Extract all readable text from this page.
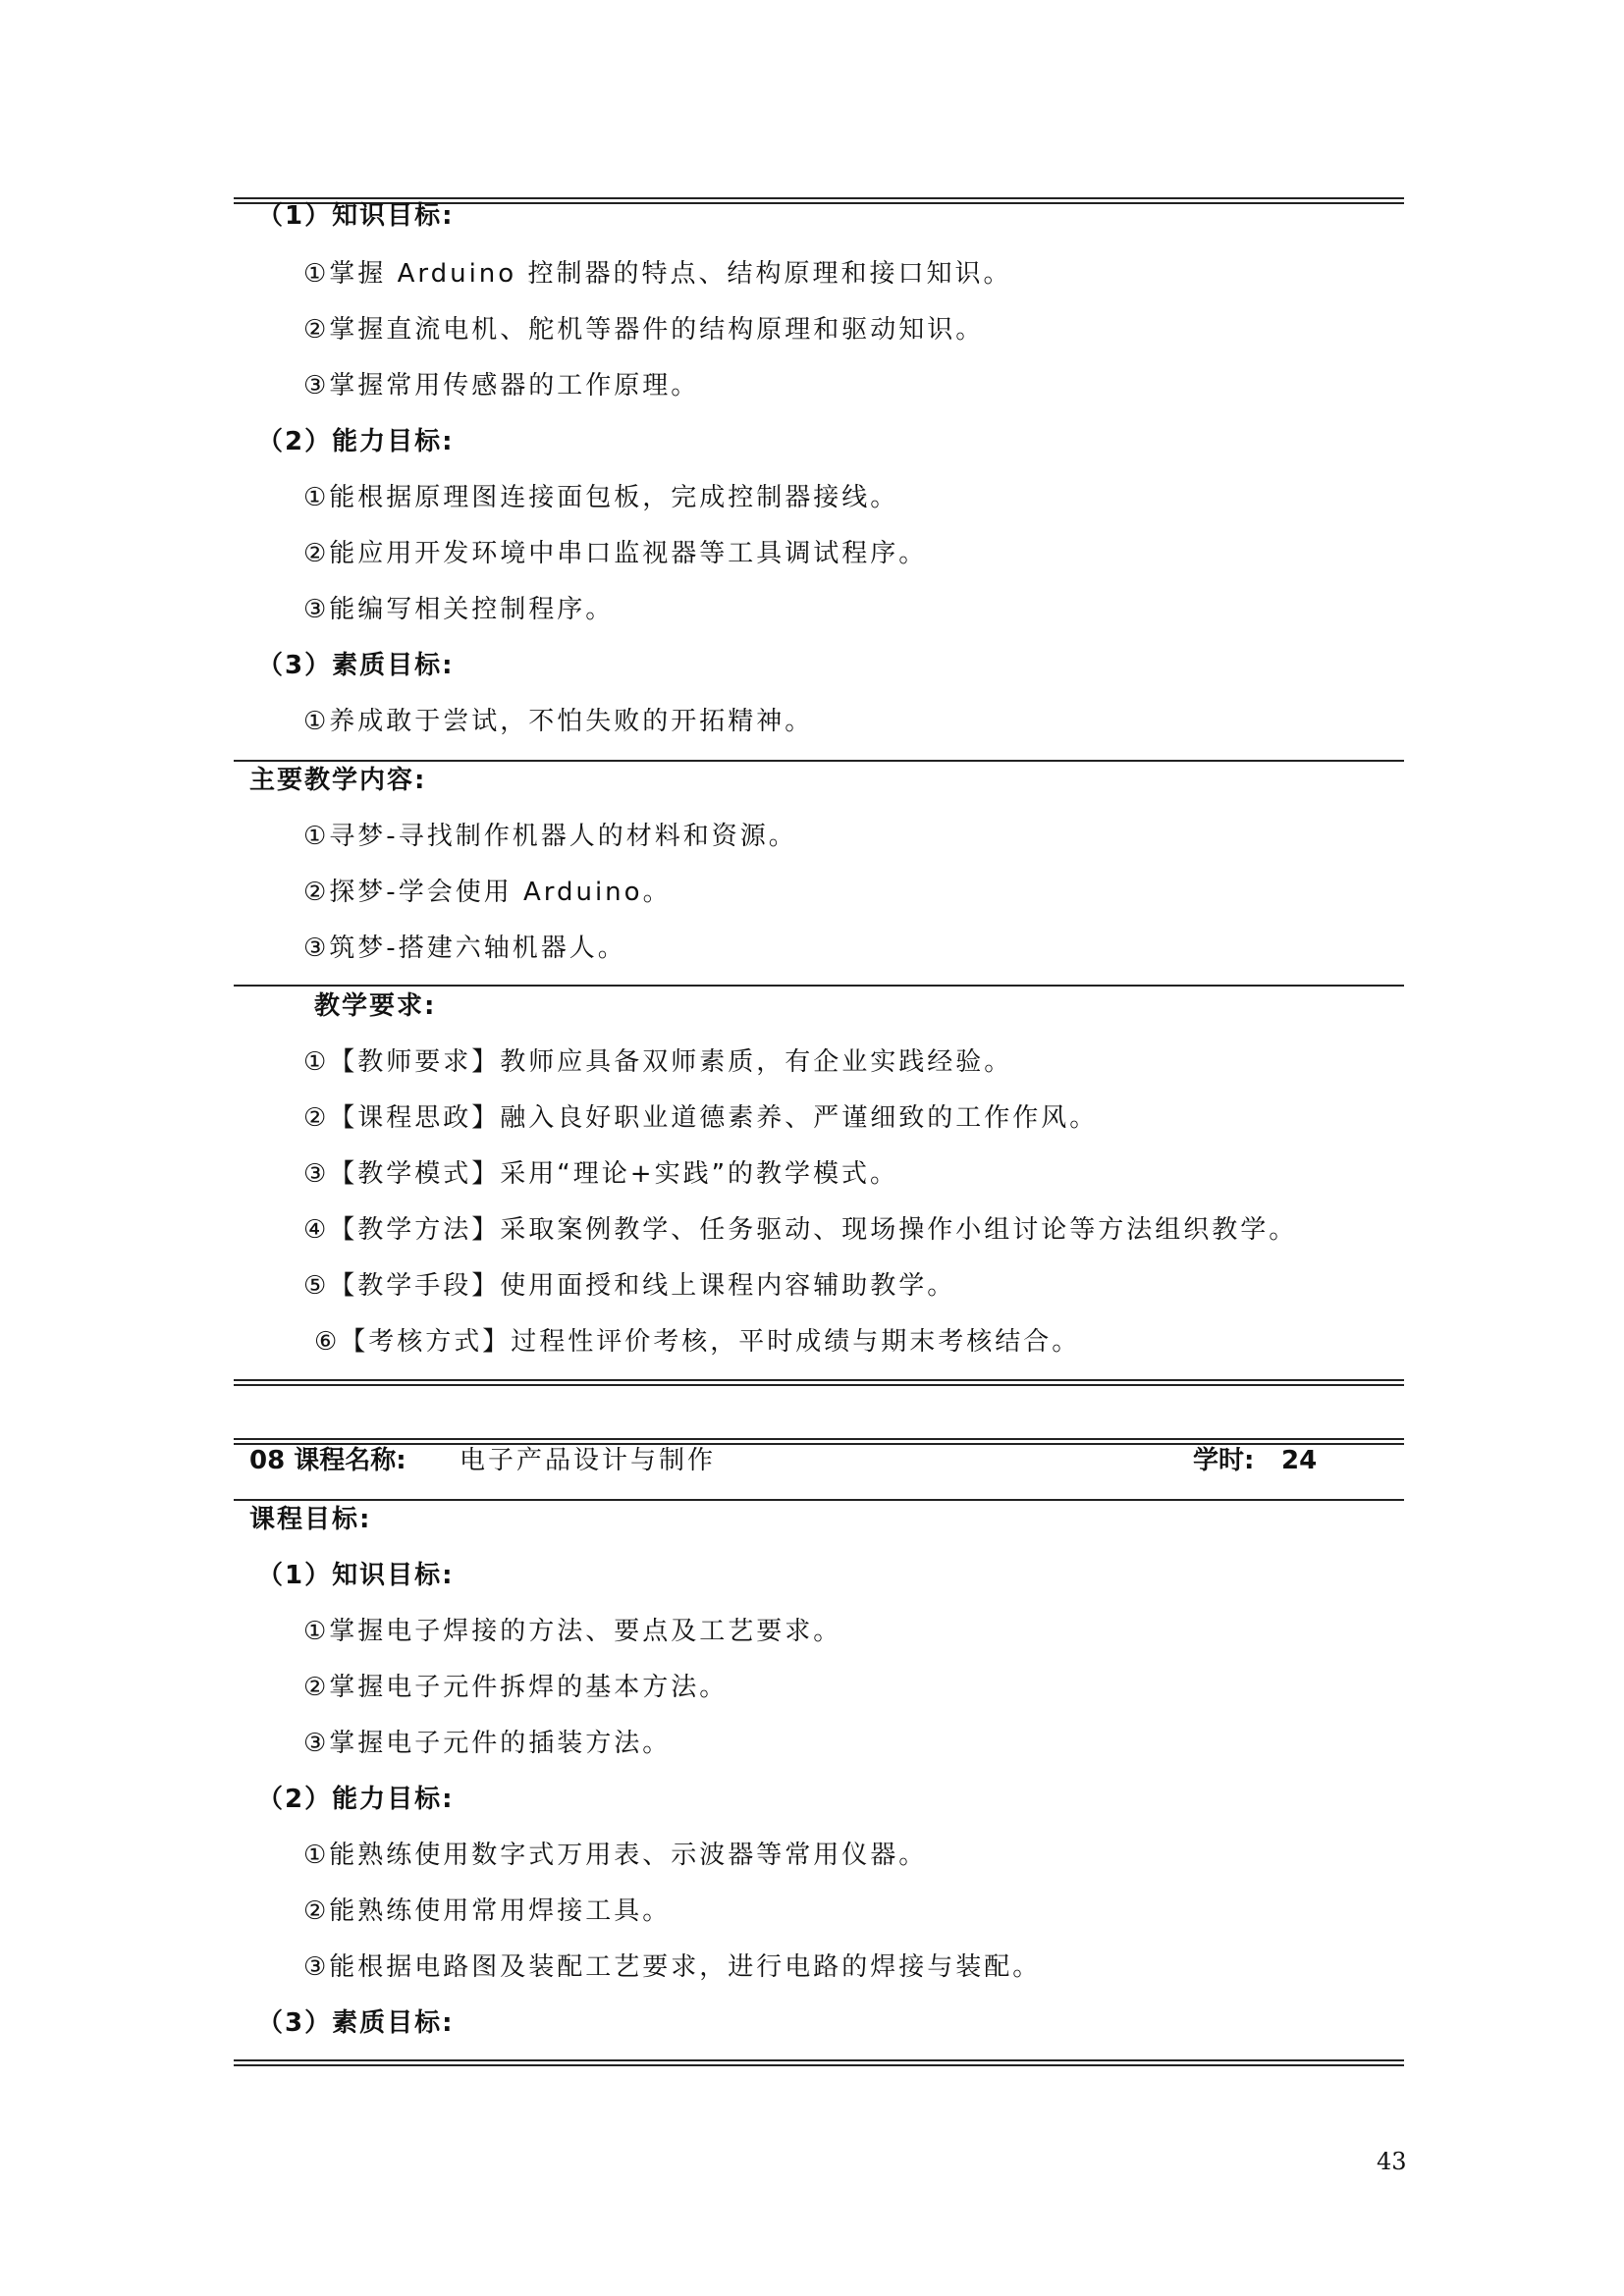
（1）知识目标:
①掌握 Arduino 控制器的特点、结构原理和接口知识。
②掌握直流电机、舵机等器件的结构原理和驱动知识。
③掌握常用传感器的工作原理。
（2）能力目标:
①能根据原理图连接面包板，完成控制器接线。
②能应用开发环境中串口监视器等工具调试程序。
③能编写相关控制程序。
（3）素质目标:
①养成敢于尝试，不怕失败的开拓精神。
主要教学内容:
①寻梦-寻找制作机器人的材料和资源。
②探梦-学会使用 Arduino。
③筑梦-搭建六轴机器人。
教学要求:
①【教师要求】教师应具备双师素质，有企业实践经验。
②【课程思政】融入良好职业道德素养、严谨细致的工作作风。
③【教学模式】采用“理论+实践”的教学模式。
④【教学方法】采取案例教学、任务驱动、现场操作小组讨论等方法组织教学。
⑤【教学手段】使用面授和线上课程内容辅助教学。
⑥【考核方式】过程性评价考核，平时成绩与期末考核结合。
08 课程名称: 电子产品设计与制作	学时: 24
课程目标:
（1）知识目标:
①掌握电子焊接的方法、要点及工艺要求。
②掌握电子元件拆焊的基本方法。
③掌握电子元件的插装方法。
（2）能力目标:
①能熟练使用数字式万用表、示波器等常用仪器。
②能熟练使用常用焊接工具。
③能根据电路图及装配工艺要求，进行电路的焊接与装配。
（3）素质目标:
43
